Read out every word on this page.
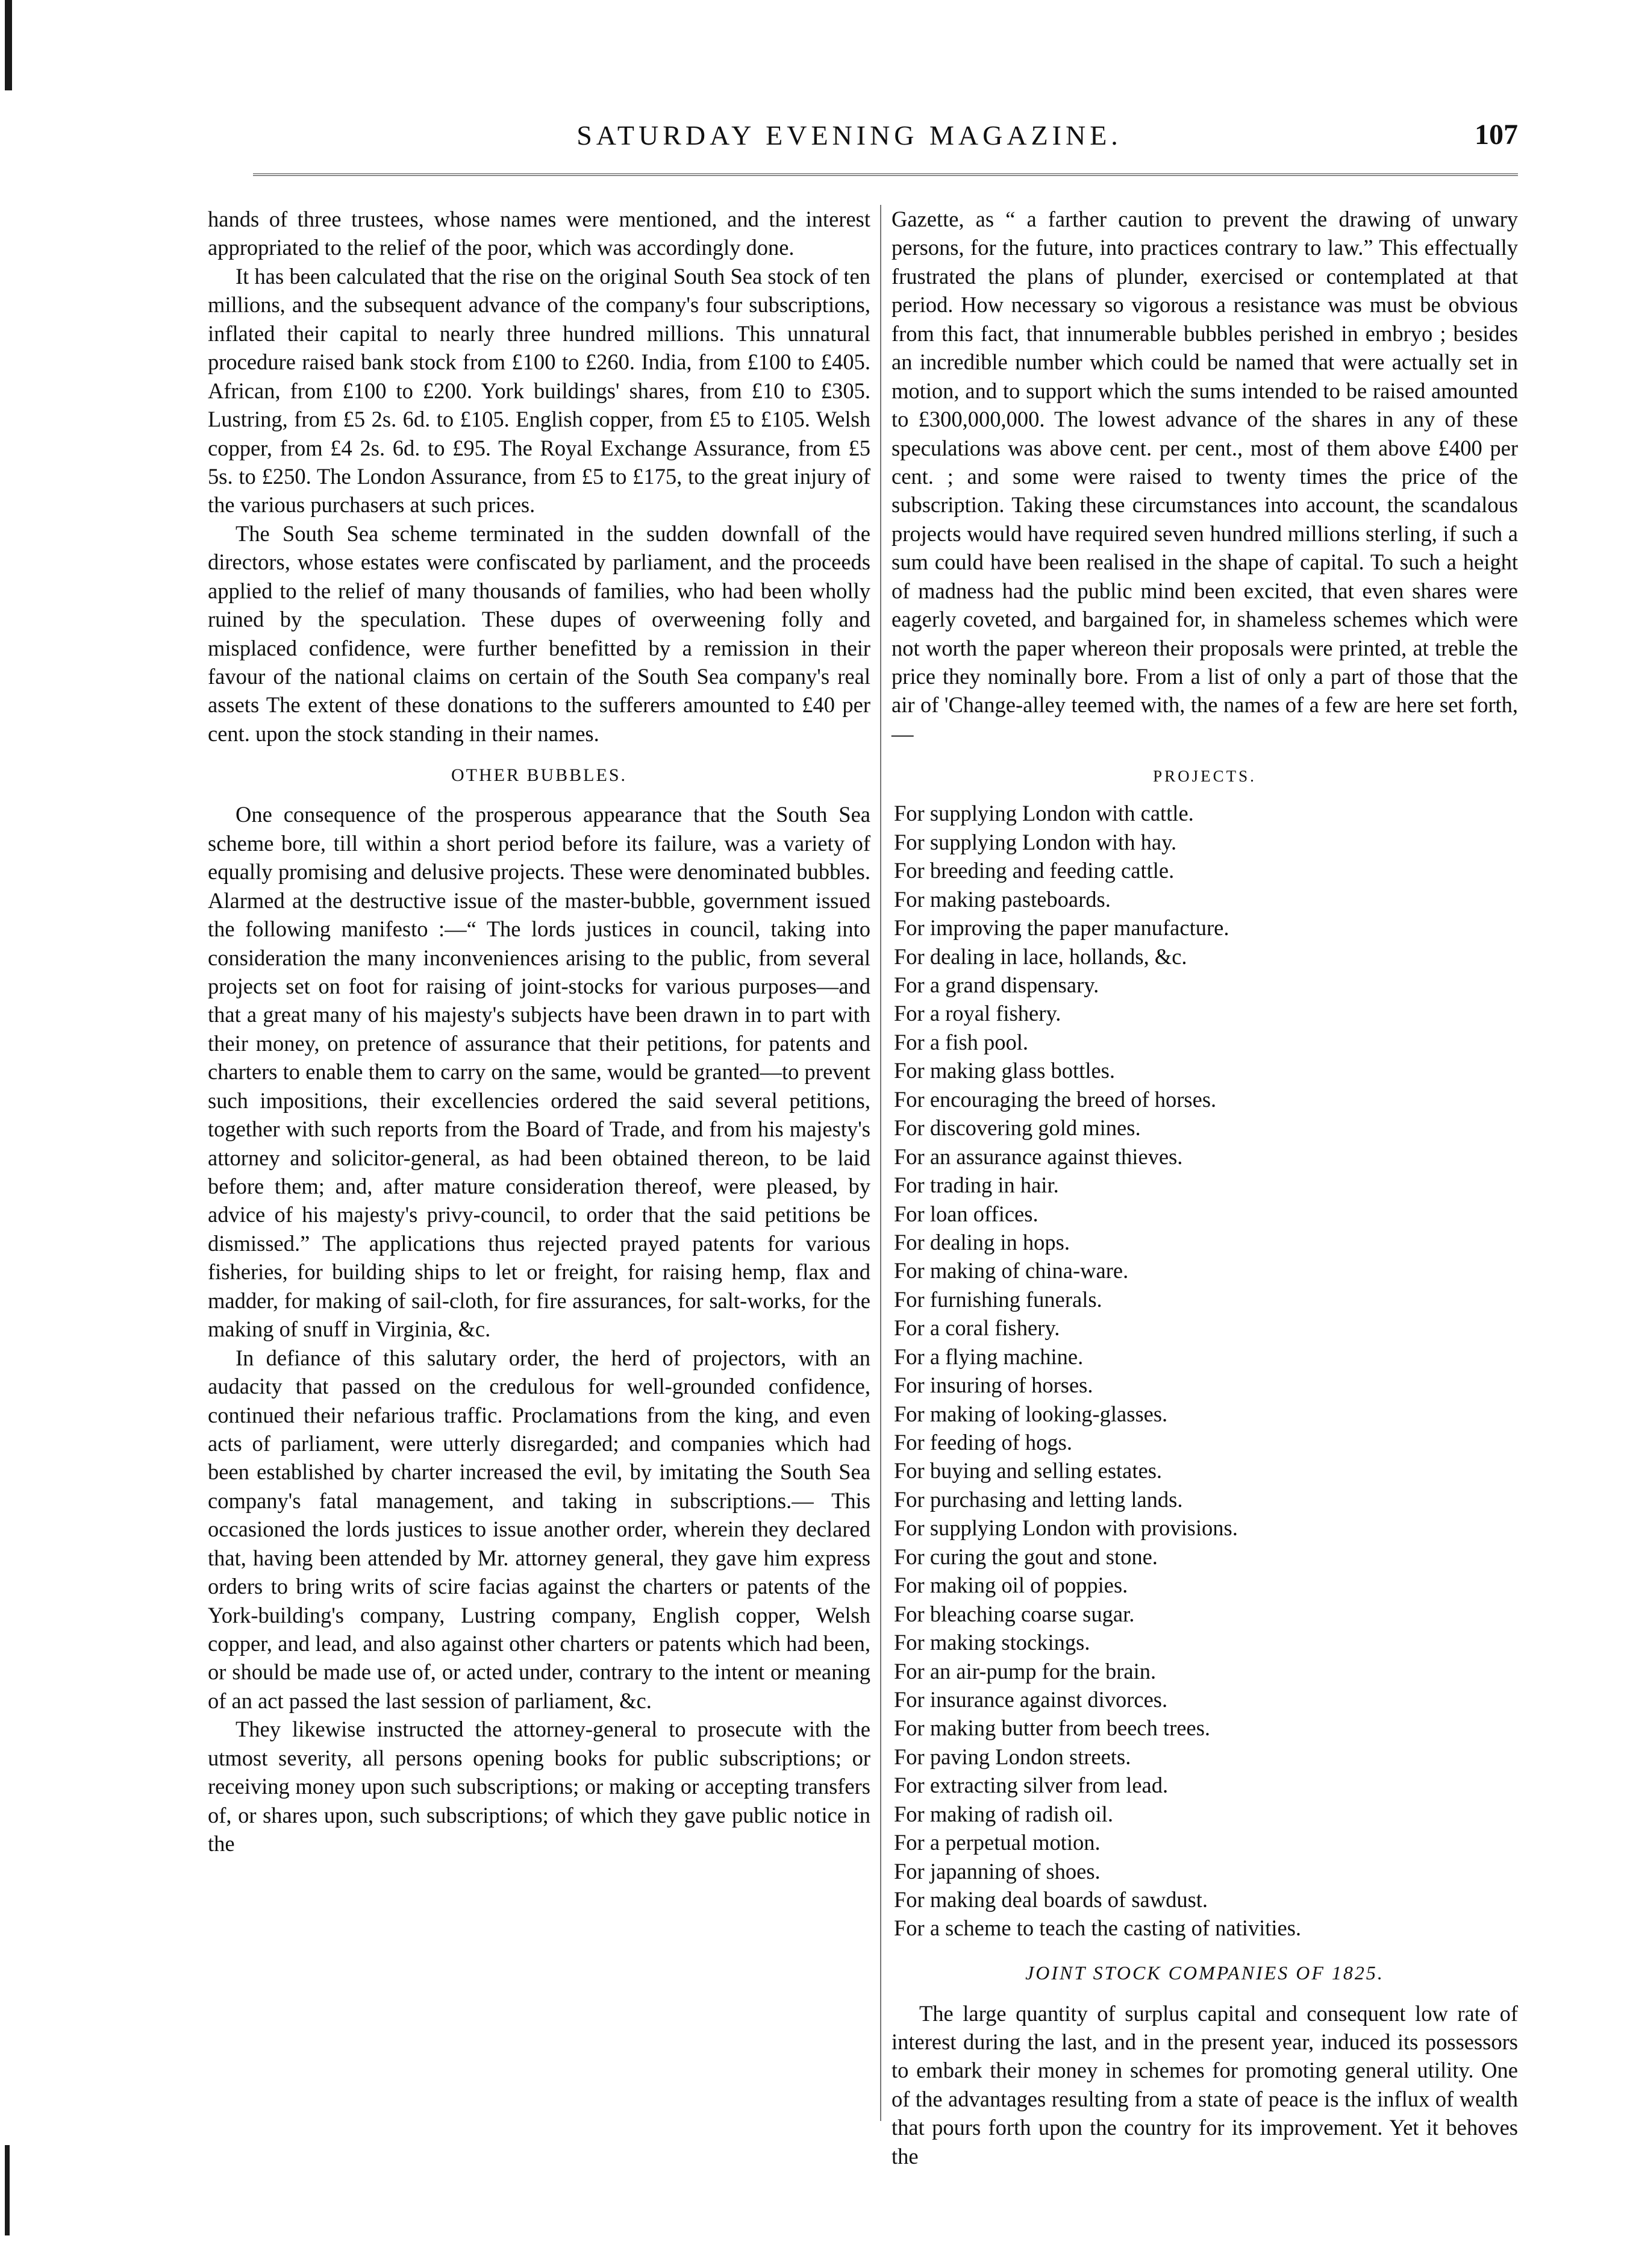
SATURDAY EVENING MAGAZINE.	107

hands of three trustees, whose names were mentioned, and the interest appropriated to the relief of the poor, which was accordingly done.

It has been calculated that the rise on the original South Sea stock of ten millions, and the subsequent advance of the company's four subscriptions, inflated their capital to nearly three hundred millions. This unnatural procedure raised bank stock from £100 to £260. India, from £100 to £405. African, from £100 to £200. York buildings' shares, from £10 to £305. Lustring, from £5 2s. 6d. to £105. English copper, from £5 to £105. Welsh copper, from £4 2s. 6d. to £95. The Royal Exchange Assurance, from £5 5s. to £250. The London Assurance, from £5 to £175, to the great injury of the various purchasers at such prices.

The South Sea scheme terminated in the sudden downfall of the directors, whose estates were confiscated by parliament, and the proceeds applied to the relief of many thousands of families, who had been wholly ruined by the speculation. These dupes of overweening folly and misplaced confidence, were further benefitted by a remission in their favour of the national claims on certain of the South Sea company's real assets The extent of these donations to the sufferers amounted to £40 per cent. upon the stock standing in their names.

OTHER BUBBLES.

One consequence of the prosperous appearance that the South Sea scheme bore, till within a short period before its failure, was a variety of equally promising and delusive projects. These were denominated bubbles. Alarmed at the destructive issue of the master-bubble, government issued the following manifesto :—“ The lords justices in council, taking into consideration the many inconveniences arising to the public, from several projects set on foot for raising of joint-stocks for various purposes—and that a great many of his majesty's subjects have been drawn in to part with their money, on pretence of assurance that their petitions, for patents and charters to enable them to carry on the same, would be granted—to prevent such impositions, their excellencies ordered the said several petitions, together with such reports from the Board of Trade, and from his majesty's attorney and solicitor-general, as had been obtained thereon, to be laid before them; and, after mature consideration thereof, were pleased, by advice of his majesty's privy-council, to order that the said petitions be dismissed.” The applications thus rejected prayed patents for various fisheries, for building ships to let or freight, for raising hemp, flax and madder, for making of sail-cloth, for fire assurances, for salt-works, for the making of snuff in Virginia, &c.

In defiance of this salutary order, the herd of projectors, with an audacity that passed on the credulous for well-grounded confidence, continued their nefarious traffic. Proclamations from the king, and even acts of parliament, were utterly disregarded; and companies which had been established by charter increased the evil, by imitating the South Sea company's fatal management, and taking in subscriptions.— This occasioned the lords justices to issue another order, wherein they declared that, having been attended by Mr. attorney general, they gave him express orders to bring writs of scire facias against the charters or patents of the York-building's company, Lustring company, English copper, Welsh copper, and lead, and also against other charters or patents which had been, or should be made use of, or acted under, contrary to the intent or meaning of an act passed the last session of parliament, &c.

They likewise instructed the attorney-general to prosecute with the utmost severity, all persons opening books for public subscriptions; or receiving money upon such subscriptions; or making or accepting transfers of, or shares upon, such subscriptions; of which they gave public notice in the

Gazette, as “ a farther caution to prevent the drawing of unwary persons, for the future, into practices contrary to law.” This effectually frustrated the plans of plunder, exercised or contemplated at that period. How necessary so vigorous a resistance was must be obvious from this fact, that innumerable bubbles perished in embryo ; besides an incredible number which could be named that were actually set in motion, and to support which the sums intended to be raised amounted to £300,000,000. The lowest advance of the shares in any of these speculations was above cent. per cent., most of them above £400 per cent. ; and some were raised to twenty times the price of the subscription. Taking these circumstances into account, the scandalous projects would have required seven hundred millions sterling, if such a sum could have been realised in the shape of capital. To such a height of madness had the public mind been excited, that even shares were eagerly coveted, and bargained for, in shameless schemes which were not worth the paper whereon their proposals were printed, at treble the price they nominally bore. From a list of only a part of those that the air of 'Change-alley teemed with, the names of a few are here set forth,—

PROJECTS.
For supplying London with cattle.
For supplying London with hay.
For breeding and feeding cattle.
For making pasteboards.
For improving the paper manufacture.
For dealing in lace, hollands, &c.
For a grand dispensary.
For a royal fishery.
For a fish pool.
For making glass bottles.
For encouraging the breed of horses.
For discovering gold mines.
For an assurance against thieves.
For trading in hair.
For loan offices.
For dealing in hops.
For making of china-ware.
For furnishing funerals.
For a coral fishery.
For a flying machine.
For insuring of horses.
For making of looking-glasses.
For feeding of hogs.
For buying and selling estates.
For purchasing and letting lands.
For supplying London with provisions.
For curing the gout and stone.
For making oil of poppies.
For bleaching coarse sugar.
For making stockings.
For an air-pump for the brain.
For insurance against divorces.
For making butter from beech trees.
For paving London streets.
For extracting silver from lead.
For making of radish oil.
For a perpetual motion.
For japanning of shoes.
For making deal boards of sawdust.
For a scheme to teach the casting of nativities.
JOINT STOCK COMPANIES OF 1825.

The large quantity of surplus capital and consequent low rate of interest during the last, and in the present year, induced its possessors to embark their money in schemes for promoting general utility. One of the advantages resulting from a state of peace is the influx of wealth that pours forth upon the country for its improvement. Yet it behoves the
